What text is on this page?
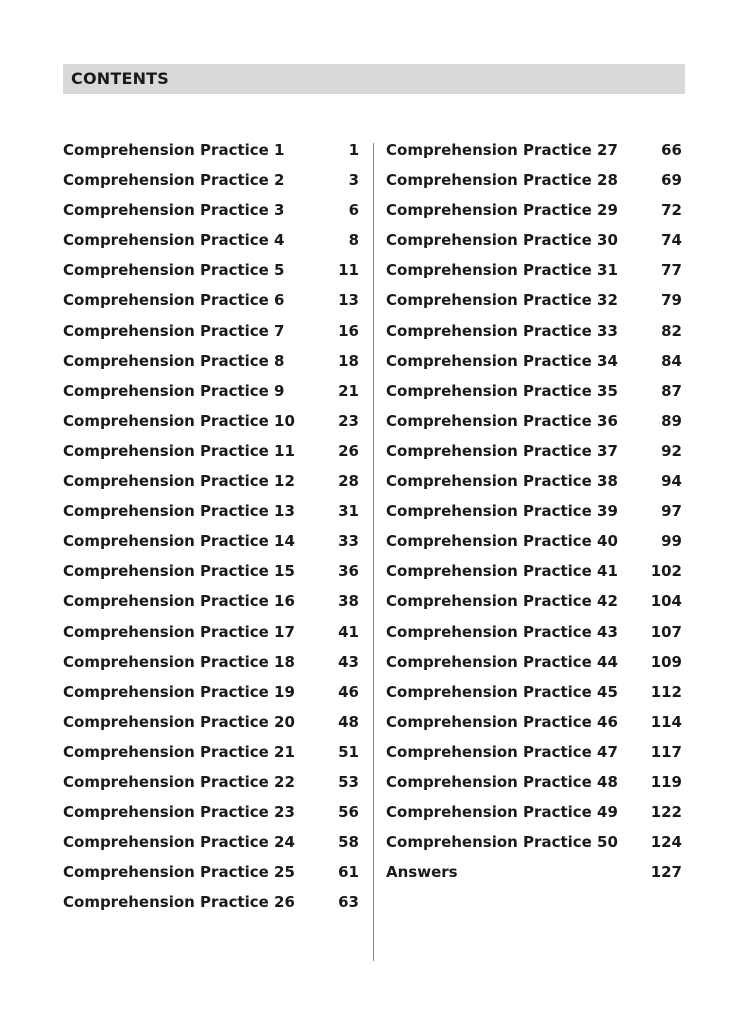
CONTENTS
Comprehension Practice 1	1
Comprehension Practice 2	3
Comprehension Practice 3	6
Comprehension Practice 4	8
Comprehension Practice 5	11
Comprehension Practice 6	13
Comprehension Practice 7	16
Comprehension Practice 8	18
Comprehension Practice 9	21
Comprehension Practice 10	23
Comprehension Practice 11	26
Comprehension Practice 12	28
Comprehension Practice 13	31
Comprehension Practice 14	33
Comprehension Practice 15	36
Comprehension Practice 16	38
Comprehension Practice 17	41
Comprehension Practice 18	43
Comprehension Practice 19	46
Comprehension Practice 20	48
Comprehension Practice 21	51
Comprehension Practice 22	53
Comprehension Practice 23	56
Comprehension Practice 24	58
Comprehension Practice 25	61
Comprehension Practice 26	63
Comprehension Practice 27	66
Comprehension Practice 28	69
Comprehension Practice 29	72
Comprehension Practice 30	74
Comprehension Practice 31	77
Comprehension Practice 32	79
Comprehension Practice 33	82
Comprehension Practice 34	84
Comprehension Practice 35	87
Comprehension Practice 36	89
Comprehension Practice 37	92
Comprehension Practice 38	94
Comprehension Practice 39	97
Comprehension Practice 40	99
Comprehension Practice 41 102
Comprehension Practice 42 104
Comprehension Practice 43 107
Comprehension Practice 44 109
Comprehension Practice 45 112
Comprehension Practice 46 114
Comprehension Practice 47 117
Comprehension Practice 48 119
Comprehension Practice 49 122
Comprehension Practice 50 124
Answers	127
